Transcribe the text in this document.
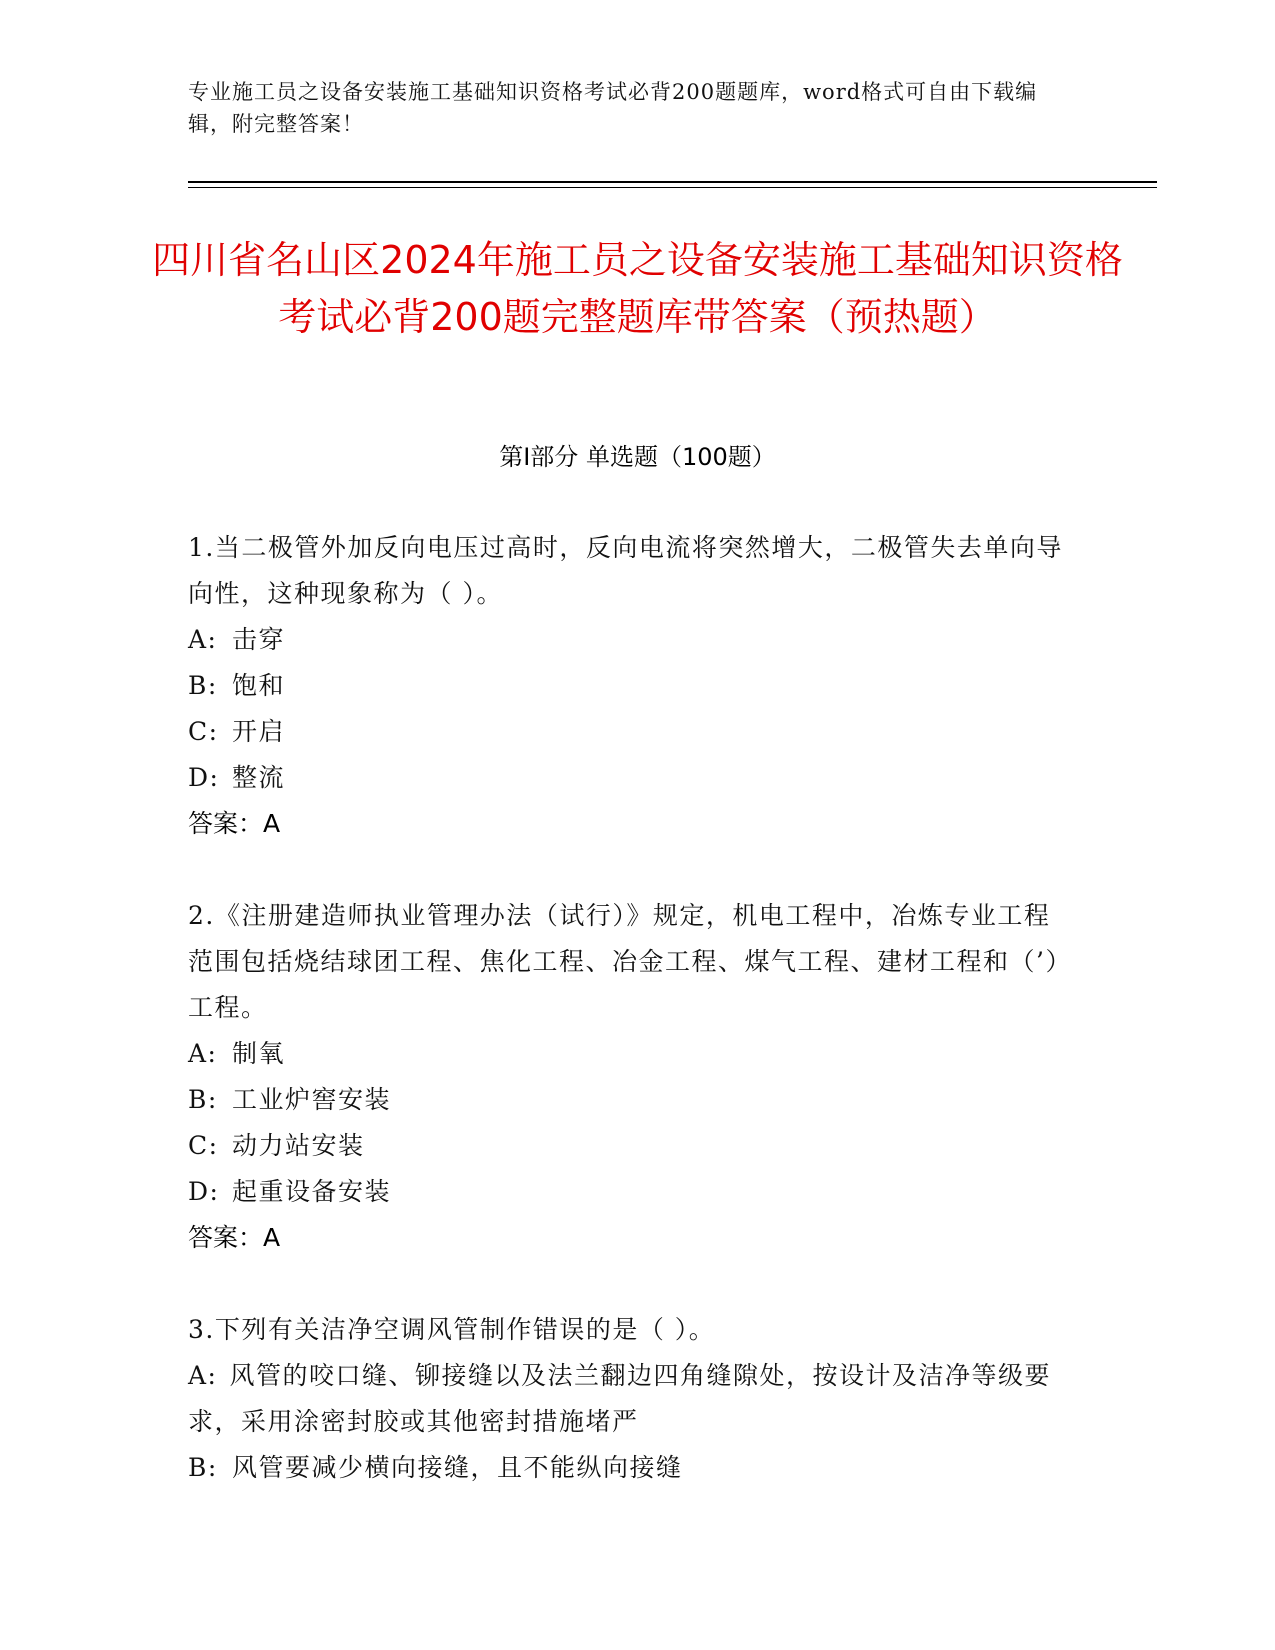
专业施工员之设备安装施工基础知识资格考试必背200题题库，word格式可自由下载编辑，附完整答案！
四川省名山区2024年施工员之设备安装施工基础知识资格考试必背200题完整题库带答案（预热题）
第I部分 单选题（100题）
1.当二极管外加反向电压过高时，反向电流将突然增大，二极管失去单向导向性，这种现象称为（ ）。
A: 击穿
B: 饱和
C: 开启
D: 整流
答案：A
2.《注册建造师执业管理办法（试行）》规定，机电工程中，冶炼专业工程范围包括烧结球团工程、焦化工程、冶金工程、煤气工程、建材工程和（’）工程。
A: 制氧
B: 工业炉窖安装
C: 动力站安装
D: 起重设备安装
答案：A
3.下列有关洁净空调风管制作错误的是（ ）。
A: 风管的咬口缝、铆接缝以及法兰翻边四角缝隙处，按设计及洁净等级要求，采用涂密封胶或其他密封措施堵严
B: 风管要减少横向接缝，且不能纵向接缝
